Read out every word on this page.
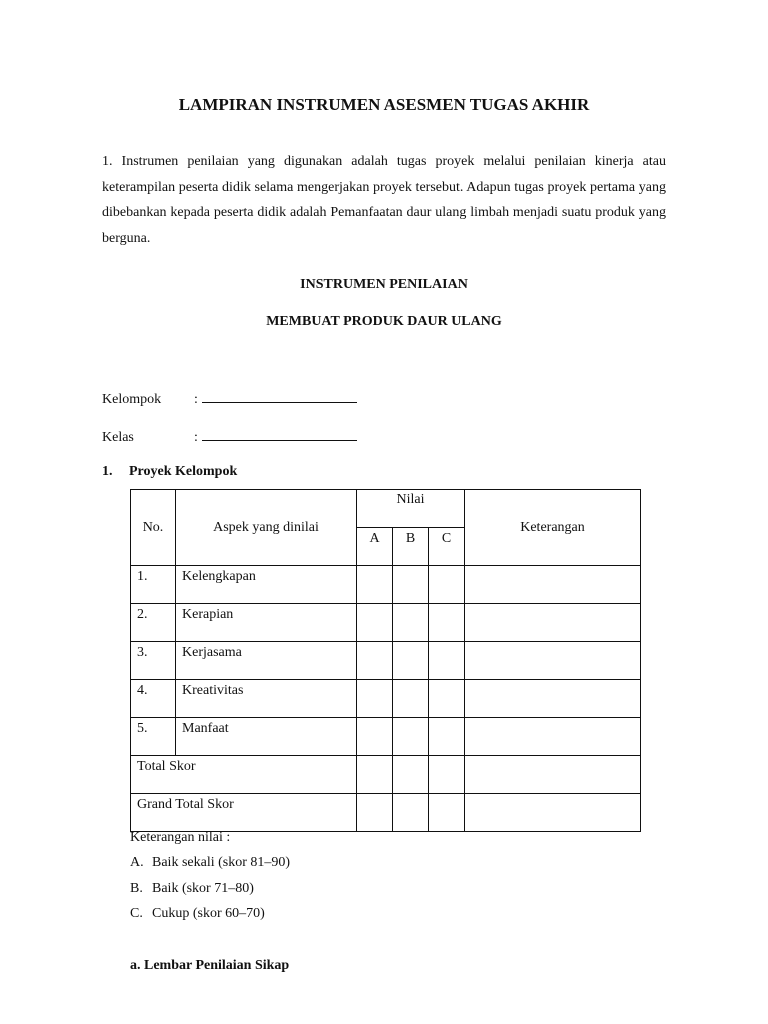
LAMPIRAN INSTRUMEN ASESMEN TUGAS AKHIR
1. Instrumen penilaian yang digunakan adalah tugas proyek melalui penilaian kinerja atau keterampilan peserta didik selama mengerjakan proyek tersebut. Adapun tugas proyek pertama yang dibebankan kepada peserta didik adalah Pemanfaatan daur ulang limbah menjadi suatu produk yang berguna.
INSTRUMEN PENILAIAN
MEMBUAT PRODUK DAUR ULANG
Kelompok :
Kelas	:
1. Proyek Kelompok
No.	Aspek yang dinilai	Nilai			Keterangan

		A	B	C	

1.	Kelengkapan				

2.	Kerapian				

3.	Kerjasama				

4.	Kreativitas				

5.	Manfaat				

Total Skor					

Grand Total Skor					

Keterangan nilai :
A. Baik sekali (skor 81–90)
B. Baik (skor 71–80)
C. Cukup (skor 60–70)
a. Lembar Penilaian Sikap
